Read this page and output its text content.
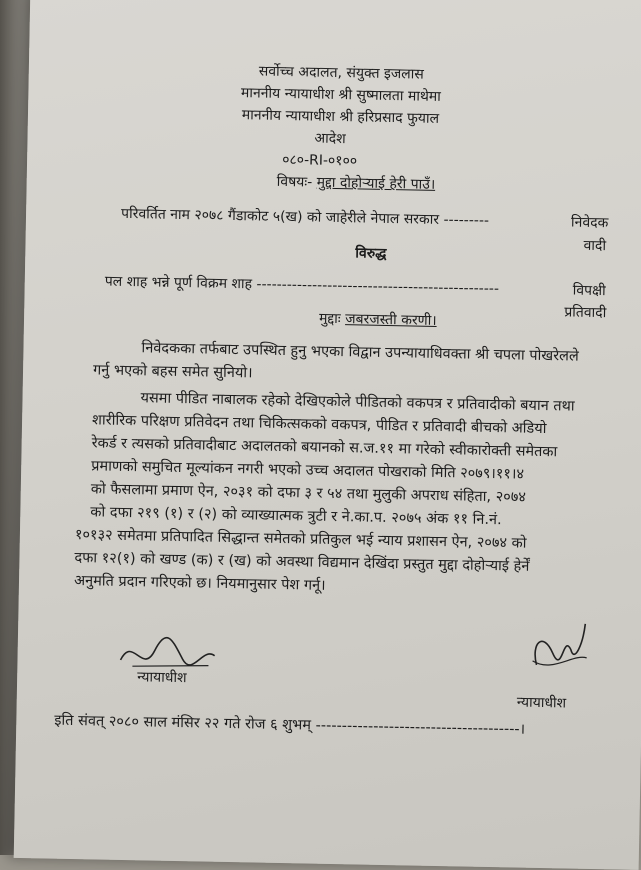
सर्वोच्च अदालत, संयुक्त इजलास
माननीय न्यायाधीश श्री सुष्मालता माथेमा
माननीय न्यायाधीश श्री हरिप्रसाद फुयाल
आदेश
०८०-RI-०१००
विषयः- मुद्दा दोहोऱ्याई हेरी पाउँ।
परिवर्तित नाम २०७८ गैंडाकोट ५(ख) को जाहेरीले नेपाल सरकार ---------	निवेदक
वादी
विरुद्ध
पल शाह भन्ने पूर्ण विक्रम शाह ------------------------------------------------	विपक्षी
प्रतिवादी
मुद्दाः जबरजस्ती करणी।
निवेदकका तर्फबाट उपस्थित हुनु भएका विद्वान उपन्यायाधिवक्ता श्री चपला पोखरेलले
गर्नु भएको बहस समेत सुनियो।
यसमा पीडित नाबालक रहेको देखिएकोले पीडितको वकपत्र र प्रतिवादीको बयान तथा
शारीरिक परिक्षण प्रतिवेदन तथा चिकित्सकको वकपत्र, पीडित र प्रतिवादी बीचको अडियो
रेकर्ड र त्यसको प्रतिवादीबाट अदालतको बयानको स.ज.११ मा गरेको स्वीकारोक्ती समेतका
प्रमाणको समुचित मूल्यांकन नगरी भएको उच्च अदालत पोखराको मिति २०७९।११।४
को फैसलामा प्रमाण ऐन, २०३१ को दफा ३ र ५४ तथा मुलुकी अपराध संहिता, २०७४
को दफा २१९ (१) र (२) को व्याख्यात्मक त्रुटी र ने.का.प. २०७५ अंक ११ नि.नं.
१०१३२ समेतमा प्रतिपादित सिद्धान्त समेतको प्रतिकुल भई न्याय प्रशासन ऐन, २०७४ को
दफा १२(१) को खण्ड (क) र (ख) को अवस्था विद्यमान देखिंदा प्रस्तुत मुद्दा दोहोऱ्याई हेर्नें
अनुमति प्रदान गरिएको छ। नियमानुसार पेश गर्नू।
न्यायाधीश
न्यायाधीश
इति संवत् २०८० साल मंसिर २२ गते रोज ६ शुभम् ---------------------------------------।
